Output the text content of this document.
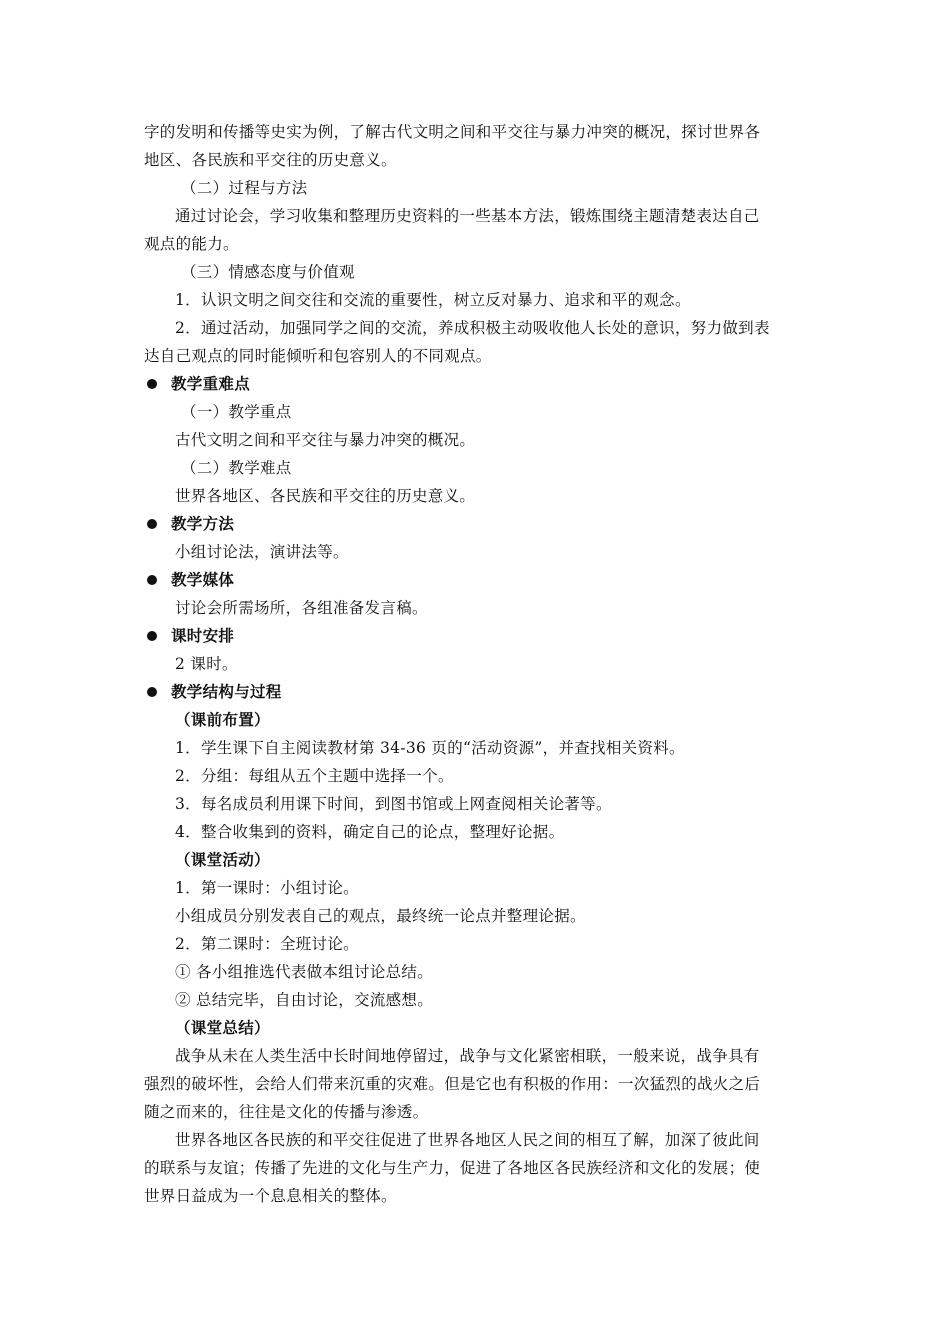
字的发明和传播等史实为例，了解古代文明之间和平交往与暴力冲突的概况，探讨世界各
地区、各民族和平交往的历史意义。
（二）过程与方法
通过讨论会，学习收集和整理历史资料的一些基本方法，锻炼围绕主题清楚表达自己
观点的能力。
（三）情感态度与价值观
1．认识文明之间交往和交流的重要性，树立反对暴力、追求和平的观念。
2．通过活动，加强同学之间的交流，养成积极主动吸收他人长处的意识，努力做到表
达自己观点的同时能倾听和包容别人的不同观点。
教学重难点
（一）教学重点
古代文明之间和平交往与暴力冲突的概况。
（二）教学难点
世界各地区、各民族和平交往的历史意义。
教学方法
小组讨论法，演讲法等。
教学媒体
讨论会所需场所，各组准备发言稿。
课时安排
2 课时。
教学结构与过程
（课前布置）
1．学生课下自主阅读教材第 34-36 页的“活动资源”，并查找相关资料。
2．分组：每组从五个主题中选择一个。
3．每名成员利用课下时间，到图书馆或上网查阅相关论著等。
4．整合收集到的资料，确定自己的论点，整理好论据。
（课堂活动）
1．第一课时：小组讨论。
小组成员分别发表自己的观点，最终统一论点并整理论据。
2．第二课时：全班讨论。
① 各小组推选代表做本组讨论总结。
② 总结完毕，自由讨论，交流感想。
（课堂总结）
战争从未在人类生活中长时间地停留过，战争与文化紧密相联，一般来说，战争具有
强烈的破坏性，会给人们带来沉重的灾难。但是它也有积极的作用：一次猛烈的战火之后
随之而来的，往往是文化的传播与渗透。
世界各地区各民族的和平交往促进了世界各地区人民之间的相互了解，加深了彼此间
的联系与友谊；传播了先进的文化与生产力，促进了各地区各民族经济和文化的发展；使
世界日益成为一个息息相关的整体。
